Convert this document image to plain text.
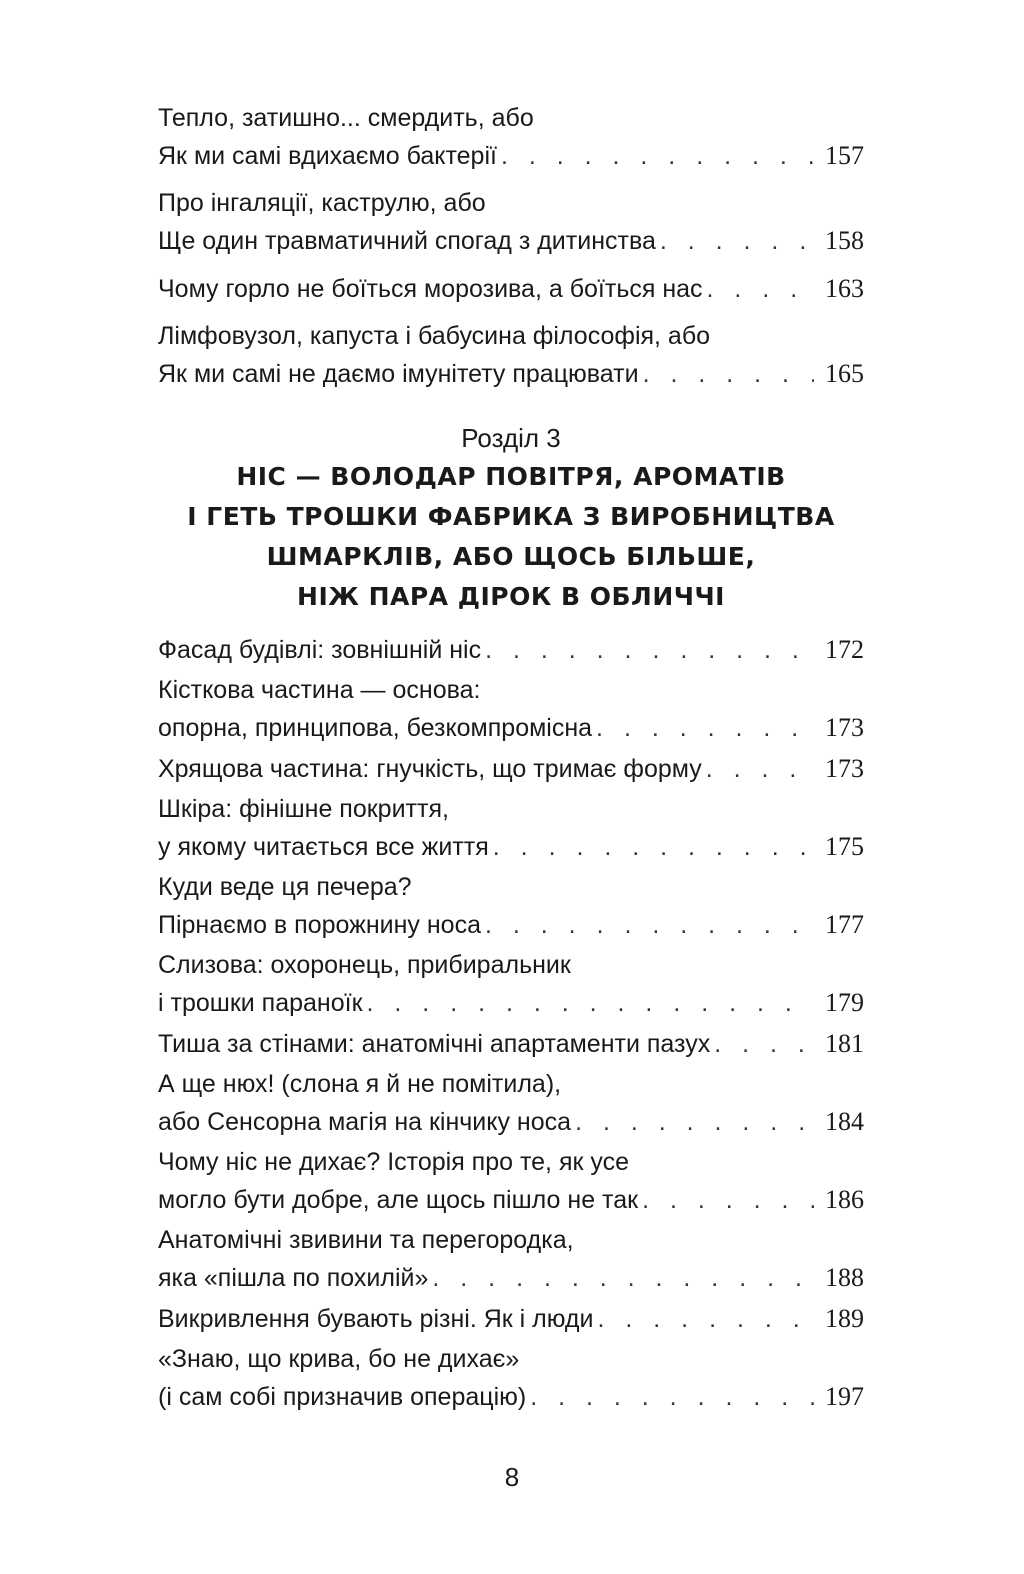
Тепло, затишно... смердить, або
Як ми самі вдихаємо бактерії . . .	157
Про інгаляції, каструлю, або
Ще один травматичний спогад з дитинства . . .	158
Чому горло не боїться морозива, а боїться нас . . .	163
Лімфовузол, капуста і бабусина філософія, або
Як ми самі не даємо імунітету працювати . . .	165
Розділ 3
НІС — ВОЛОДАР ПОВІТРЯ, АРОМАТІВ
І ГЕТЬ ТРОШКИ ФАБРИКА З ВИРОБНИЦТВА
ШМАРКЛІВ, АБО ЩОСЬ БІЛЬШЕ,
НІЖ ПАРА ДІРОК В ОБЛИЧЧІ
Фасад будівлі: зовнішній ніс . . .	172
Кісткова частина — основа:
опорна, принципова, безкомпромісна . . .	173
Хрящова частина: гнучкість, що тримає форму . . .	173
Шкіра: фінішне покриття,
у якому читається все життя . . .	175
Куди веде ця печера?
Пірнаємо в порожнину носа . . .	177
Слизова: охоронець, прибиральник
і трошки параноїк . . .	179
Тиша за стінами: анатомічні апартаменти пазух . . .	181
А ще нюх! (слона я й не помітила),
або Сенсорна магія на кінчику носа . . .	184
Чому ніс не дихає? Історія про те, як усе
могло бути добре, але щось пішло не так . . .	186
Анатомічні звивини та перегородка,
яка «пішла по похилій» . . .	188
Викривлення бувають різні. Як і люди . . .	189
«Знаю, що крива, бо не дихає»
(і сам собі призначив операцію) . . .	197
8
